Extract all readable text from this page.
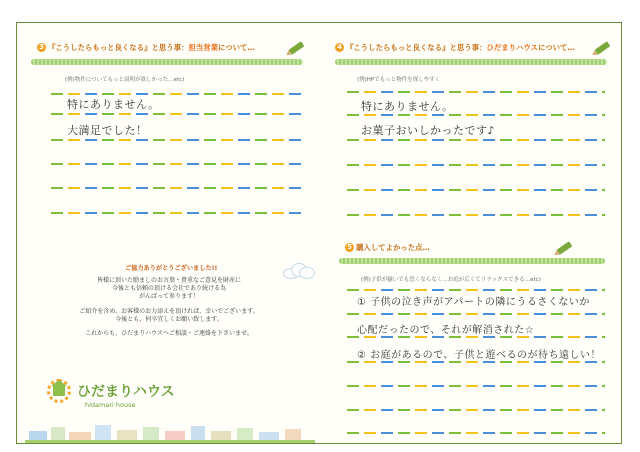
3 『こうしたらもっと良くなる』と思う事：担当営業について…
(例)物件についてもっと説明が欲しかった…etc)
特にありません。
大満足でした！
ご協力ありがとうございました!!
皆様に頂いた励ましのお言葉・貴重なご意見を財産に
今後とも信頼の頂ける会社であり続ける為
がんばって参ります！
ご紹介を含め、お客様のお力添えを頂ければ、幸いでございます。
今後とも、何卒宜しくお願い致します。
これからも、ひだまりハウスへご相談・ご連絡を下さいませ。
ひだまりハウス
hidamari house
4 『こうしたらもっと良くなる』と思う事：ひだまりハウスについて…
(例)HPでもっと物件を探しやすく
特にありません。
お菓子おいしかったです♪
5 購入してよかった点…
(例)子供が騒いでも恐くならなく…お庭が広くてリラックスできる…etc)
① 子供の泣き声がアパートの隣にうるさくないか
心配だったので、それが解消された☆
② お庭があるので、子供と遊べるのが待ち遠しい！
